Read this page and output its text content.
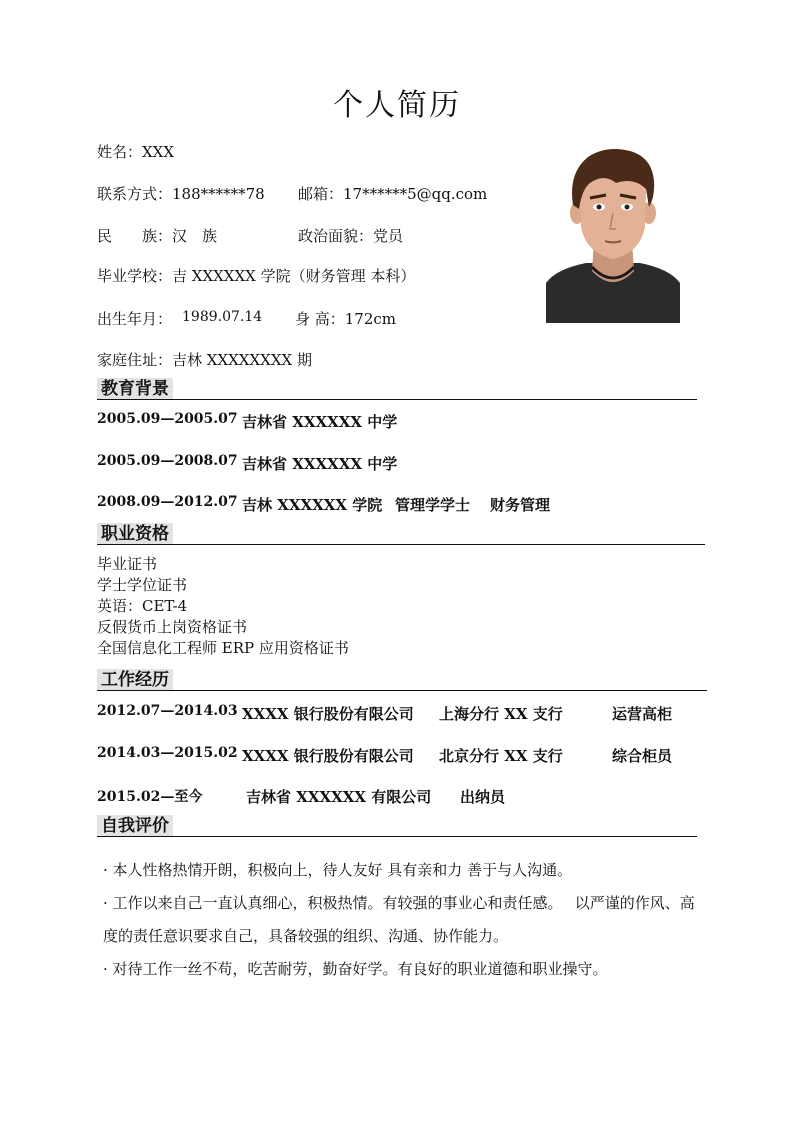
个人简历
姓名：XXX
联系方式：188******78 邮箱：17******5@qq.com
民　　族：汉　族	政治面貌：党员
毕业学校：吉 XXXXXX 学院（财务管理 本科）
出生年月： 1989.07.14 身 高：172cm
家庭住址：吉林 XXXXXXXX 期
教育背景
2005.09—2005.07 吉林省 XXXXXX 中学
2005.09—2008.07 吉林省 XXXXXX 中学
2008.09—2012.07 吉林 XXXXXX 学院 管理学学士 财务管理
职业资格
毕业证书
学士学位证书
英语：CET-4
反假货币上岗资格证书
全国信息化工程师 ERP 应用资格证书
工作经历
2012.07—2014.03 XXXX 银行股份有限公司 上海分行 XX 支行	运营高柜
2014.03—2015.02 XXXX 银行股份有限公司 北京分行 XX 支行	综合柜员
2015.02—至今	吉林省 XXXXXX 有限公司 出纳员
自我评价

· 本人性格热情开朗，积极向上，待人友好 具有亲和力 善于与人沟通。

· 工作以来自己一直认真细心，积极热情。有较强的事业心和责任感。　 以严谨的作风、高度的责任意识要求自己，具备较强的组织、沟通、协作能力。

· 对待工作一丝不苟，吃苦耐劳，勤奋好学。有良好的职业道德和职业操守。
